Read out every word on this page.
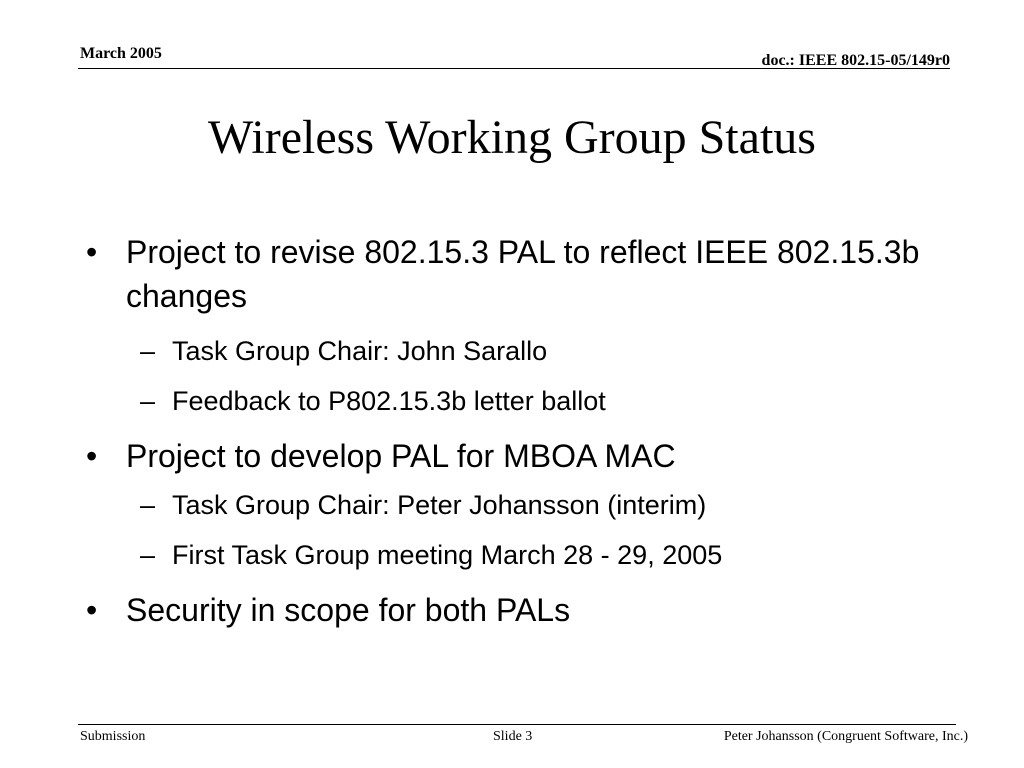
March 2005	doc.: IEEE 802.15-05/149r0
Wireless Working Group Status
• Project to revise 802.15.3 PAL to reflect IEEE 802.15.3b changes
– Task Group Chair: John Sarallo
– Feedback to P802.15.3b letter ballot
• Project to develop PAL for MBOA MAC
– Task Group Chair: Peter Johansson (interim)
– First Task Group meeting March 28 - 29, 2005
• Security in scope for both PALs
Submission	Slide 3	Peter Johansson (Congruent Software, Inc.)
